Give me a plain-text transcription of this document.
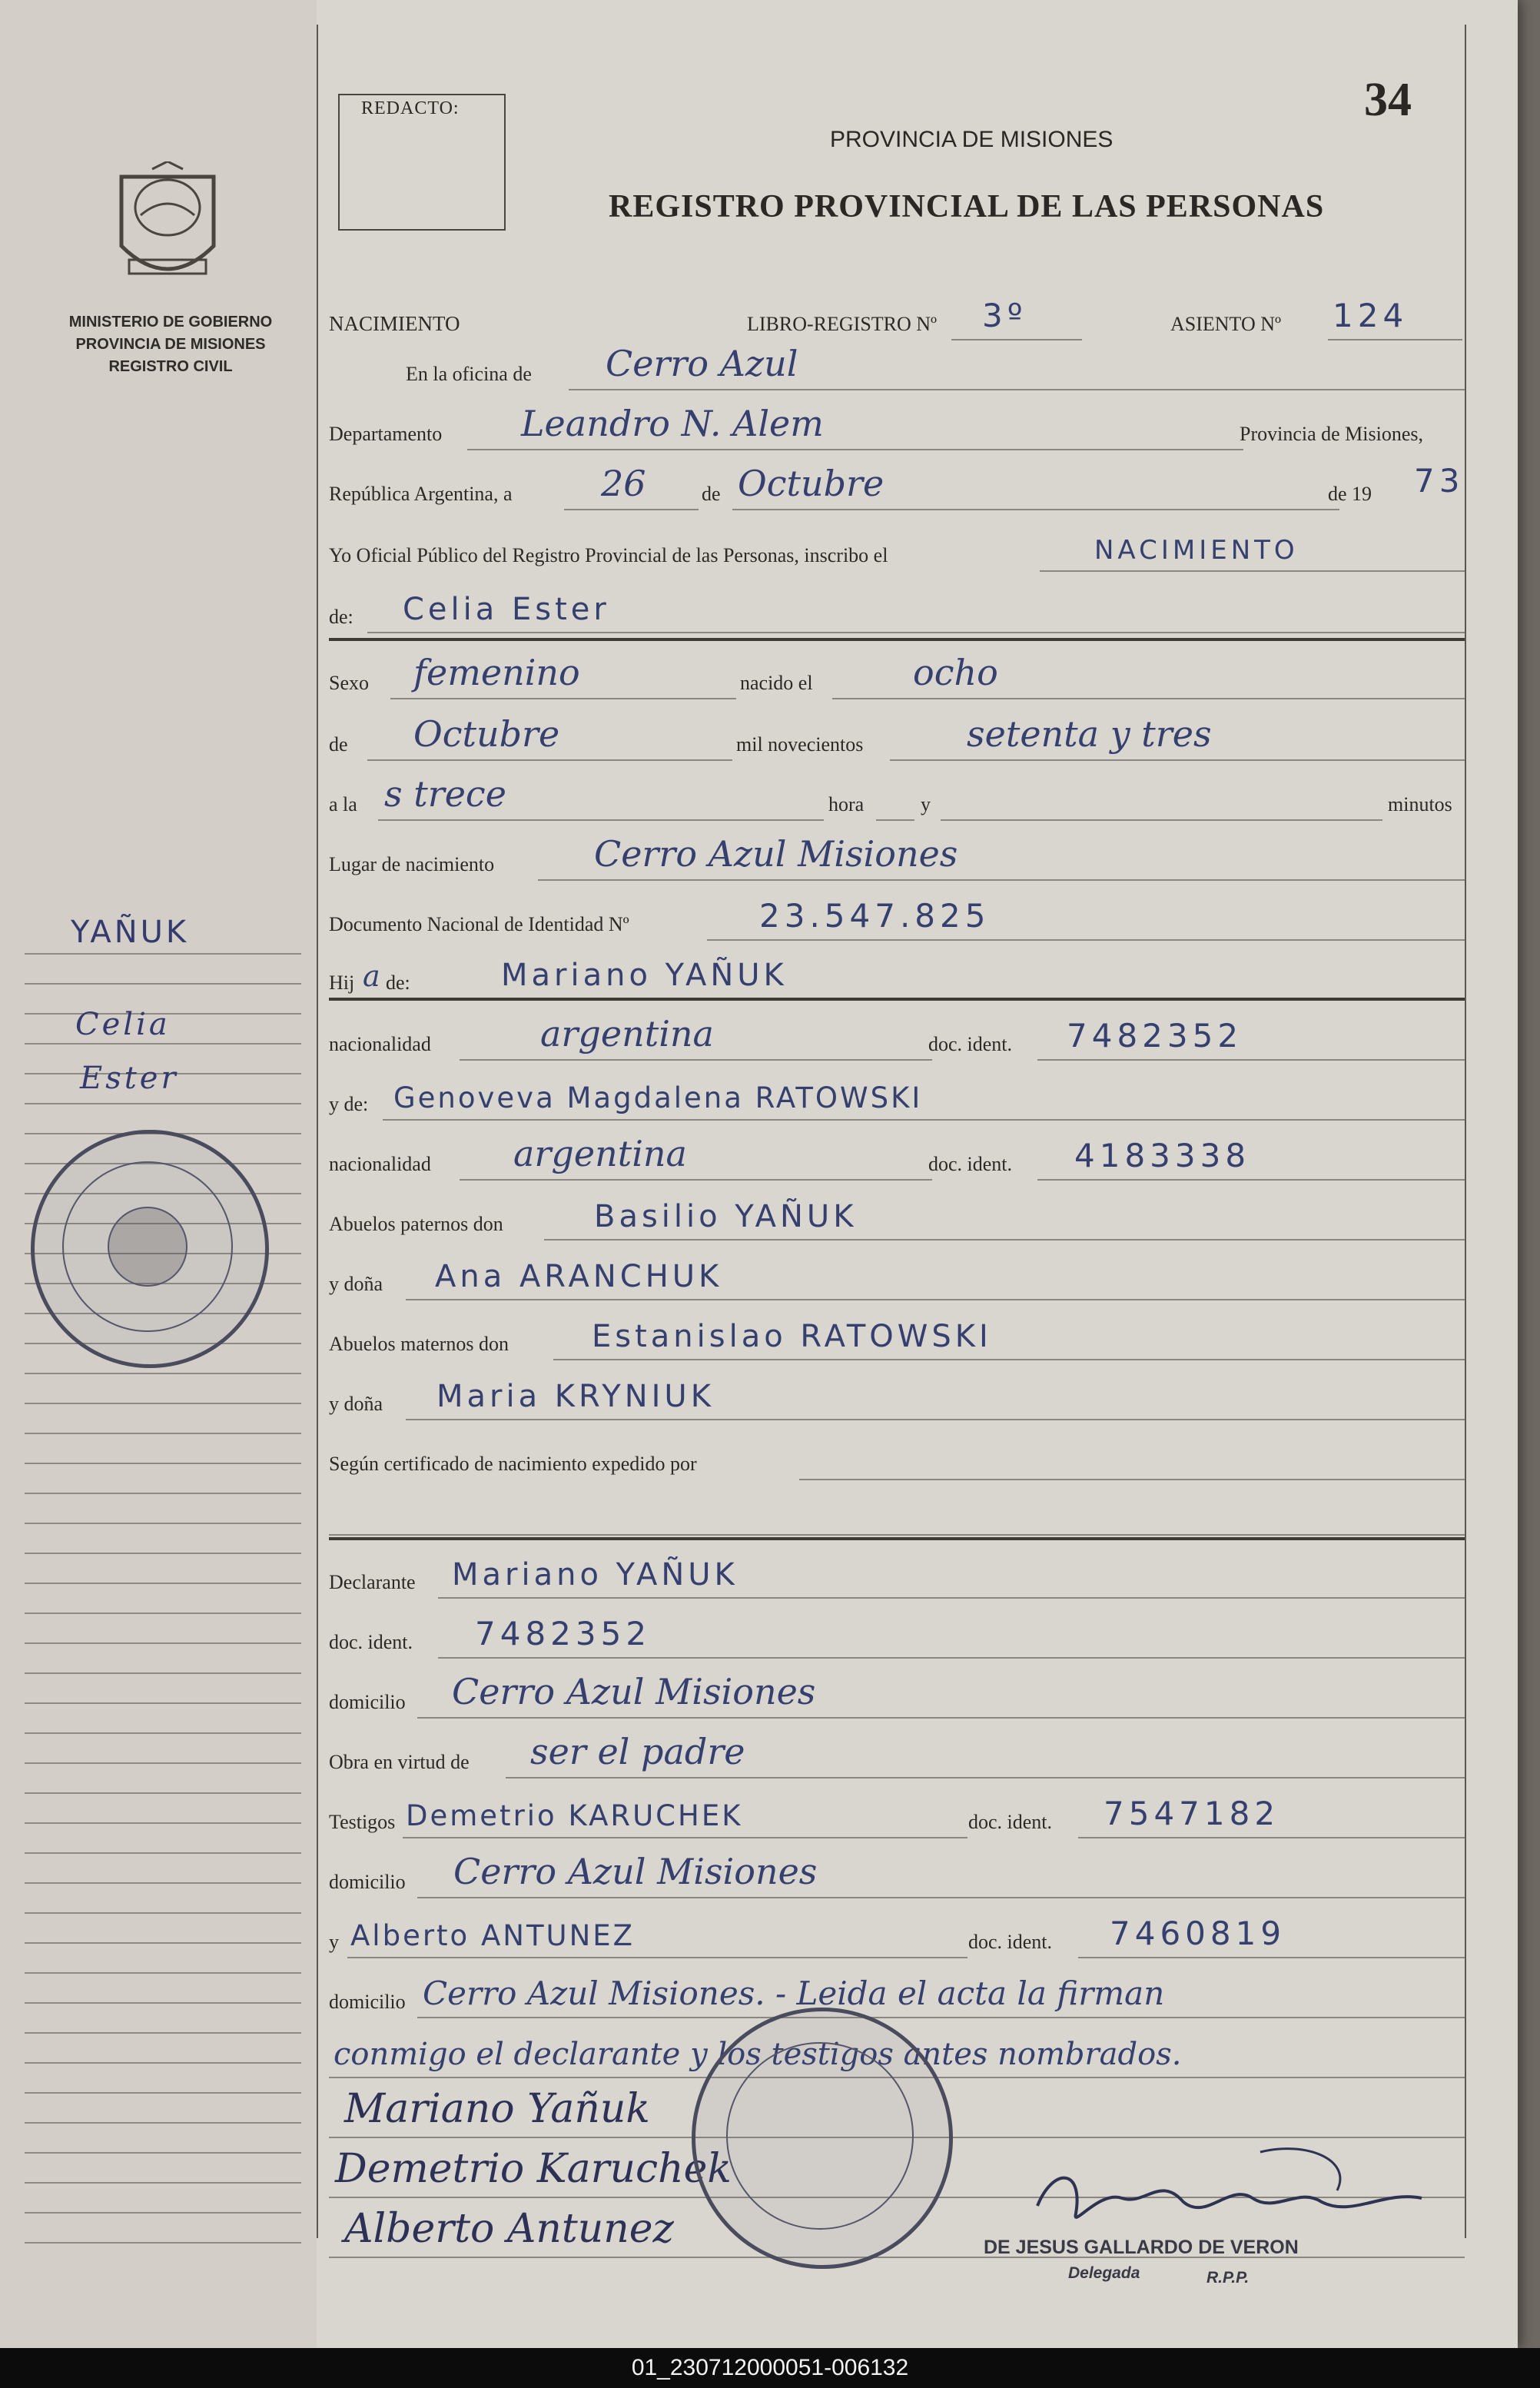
MINISTERIO DE GOBIERNO
PROVINCIA DE MISIONES
REGISTRO CIVIL
YAÑUK
Celia
Ester
REDACTO:	34
PROVINCIA DE MISIONES
REGISTRO PROVINCIAL DE LAS PERSONAS
NACIMIENTO	LIBRO-REGISTRO Nº 3º	ASIENTO Nº 124
En la oficina de Cerro Azul
Departamento Leandro N. Alem	Provincia de Misiones,
República Argentina, a	26	de Octubre	de 19 73
Yo Oficial Público del Registro Provincial de las Personas, inscribo el	NACIMIENTO
de: Celia Ester
Sexo femenino	nacido el	ocho
de Octubre	mil novecientos	setenta y tres
a la s trece	hora	y	minutos
Lugar de nacimiento	Cerro Azul Misiones
Documento Nacional de Identidad Nº	23.547.825
Hij a de:	Mariano YAÑUK
nacionalidad	argentina	doc. ident. 7482352
y de: Genoveva Magdalena RATOWSKI
nacionalidad argentina	doc. ident. 4183338
Abuelos paternos don	Basilio YAÑUK
y doña Ana ARANCHUK
Abuelos maternos don	Estanislao RATOWSKI
y doña Maria KRYNIUK
Según certificado de nacimiento expedido por
Declarante Mariano YAÑUK
doc. ident. 7482352
domicilio Cerro Azul Misiones
Obra en virtud de ser el padre
Testigos Demetrio KARUCHEK	doc. ident. 7547182
domicilio Cerro Azul Misiones
y Alberto ANTUNEZ	doc. ident. 7460819
domicilio Cerro Azul Misiones. - Leida el acta la firman
conmigo el declarante y los testigos antes nombrados.
Mariano Yañuk
Demetrio Karuchek
Alberto Antunez	DE JESUS GALLARDO DE VERON
Delegada	R.P.P.
01_230712000051-006132
